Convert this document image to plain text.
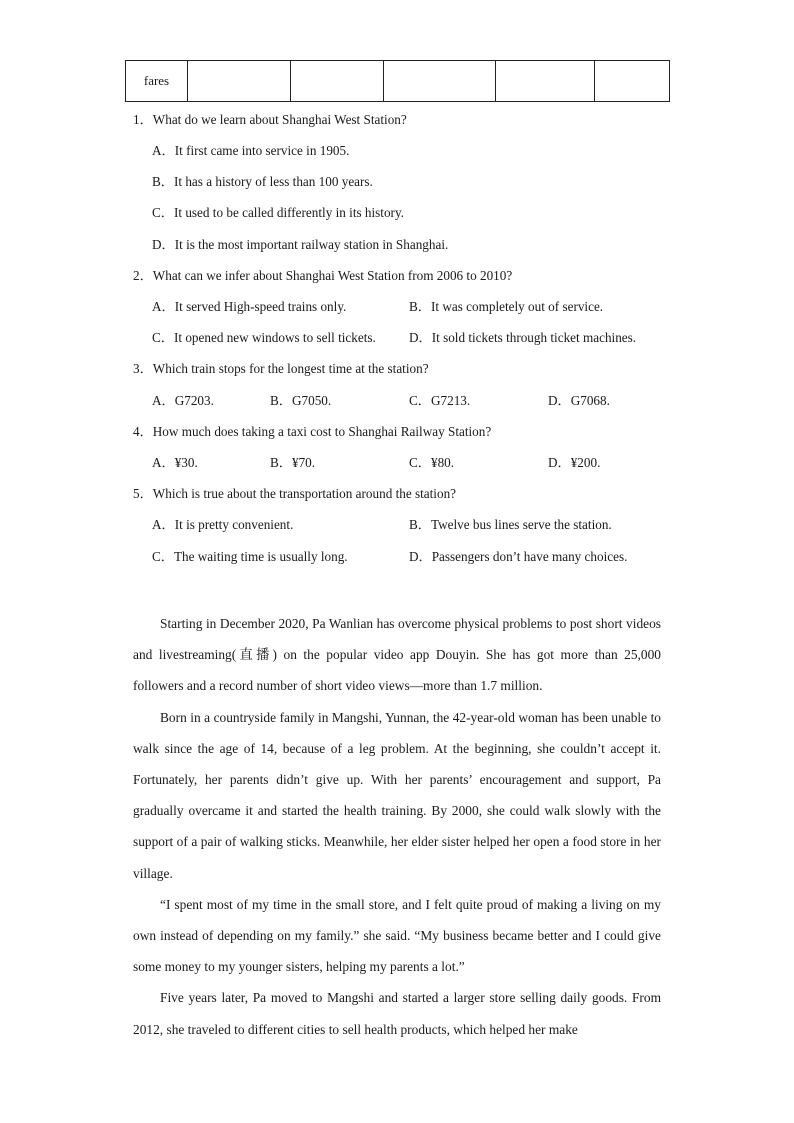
fares					
1．What do we learn about Shanghai West Station?
A．It first came into service in 1905.
B．It has a history of less than 100 years.
C．It used to be called differently in its history.
D．It is the most important railway station in Shanghai.
2．What can we infer about Shanghai West Station from 2006 to 2010?
A．It served High-speed trains only.	B．It was completely out of service.
C．It opened new windows to sell tickets.	D．It sold tickets through ticket machines.
3．Which train stops for the longest time at the station?
A．G7203.	B．G7050.	C．G7213.	D．G7068.
4．How much does taking a taxi cost to Shanghai Railway Station?
A．¥30.	B．¥70.	C．¥80.	D．¥200.
5．Which is true about the transportation around the station?
A．It is pretty convenient.	B．Twelve bus lines serve the station.
C．The waiting time is usually long.	D．Passengers don’t have many choices.

Starting in December 2020, Pa Wanlian has overcome physical problems to post short videos and livestreaming(直播) on the popular video app Douyin. She has got more than 25,000 followers and a record number of short video views—more than 1.7 million.

Born in a countryside family in Mangshi, Yunnan, the 42-year-old woman has been unable to walk since the age of 14, because of a leg problem. At the beginning, she couldn’t accept it. Fortunately, her parents didn’t give up. With her parents’ encouragement and support, Pa gradually overcame it and started the health training. By 2000, she could walk slowly with the support of a pair of walking sticks. Meanwhile, her elder sister helped her open a food store in her village.

“I spent most of my time in the small store, and I felt quite proud of making a living on my own instead of depending on my family.” she said. “My business became better and I could give some money to my younger sisters, helping my parents a lot.”

Five years later, Pa moved to Mangshi and started a larger store selling daily goods. From 2012, she traveled to different cities to sell health products, which helped her make
